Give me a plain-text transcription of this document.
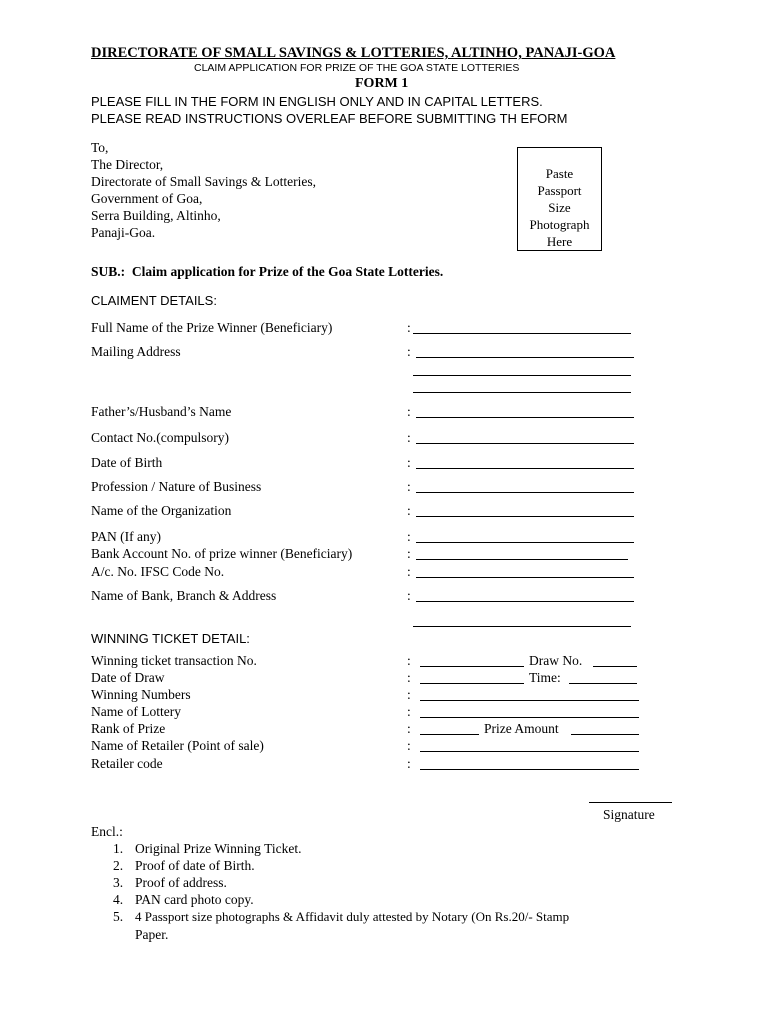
DIRECTORATE OF SMALL SAVINGS & LOTTERIES, ALTINHO, PANAJI-GOA
CLAIM APPLICATION FOR PRIZE OF THE GOA STATE LOTTERIES
FORM 1
PLEASE FILL IN THE FORM IN ENGLISH ONLY AND IN CAPITAL LETTERS.
PLEASE READ INSTRUCTIONS OVERLEAF BEFORE SUBMITTING TH EFORM
To,
The Director,
Directorate of Small Savings & Lotteries,
Government of Goa,
Serra Building, Altinho,
Panaji-Goa.
Paste
Passport
Size
Photograph
Here
SUB.:  Claim application for Prize of the Goa State Lotteries.
CLAIMENT DETAILS:
Full Name of the Prize Winner (Beneficiary)	:
Mailing Address	:
Father’s/Husband’s Name	:
Contact No.(compulsory)	:
Date of Birth	:
Profession / Nature of Business	:
Name of the Organization	:
PAN (If any)	:
Bank Account No. of prize winner (Beneficiary)	:
A/c. No. IFSC Code No.	:
Name of Bank, Branch & Address	:
WINNING TICKET DETAIL:
Winning ticket transaction No.	:	Draw No.
Date of Draw	:	Time:
Winning Numbers	:
Name of Lottery	:
Rank of Prize	:	Prize Amount
Name of Retailer (Point of sale)	:
Retailer code	:
Signature
Encl.:
1. Original Prize Winning Ticket.
2. Proof of date of Birth.
3. Proof of address.
4. PAN card photo copy.
5. 4 Passport size photographs & Affidavit duly attested by Notary (On Rs.20/- Stamp
Paper.
